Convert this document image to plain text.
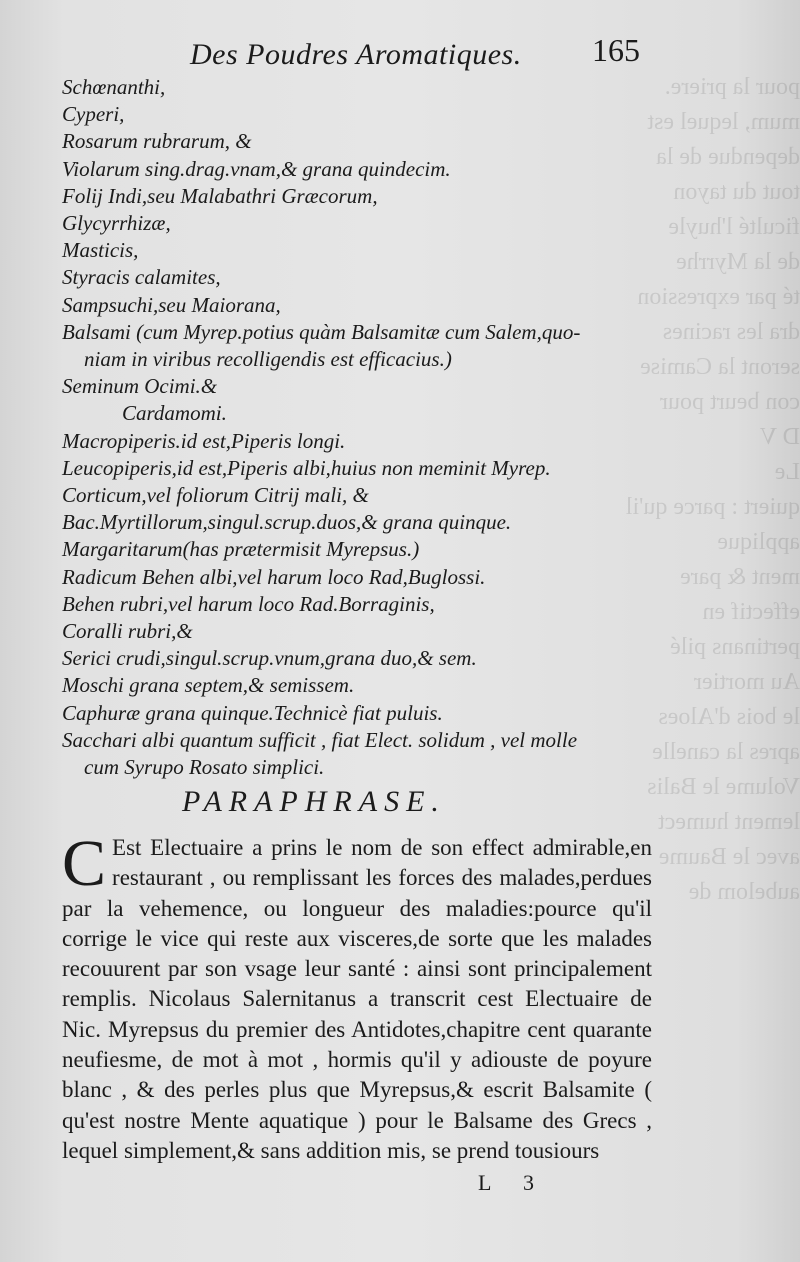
pour la priere.
mum, lequel est
dependue de la
tout du tayon
ficulté l'huyle
de la Myrrhe
té par expression
dra les racines
seront la Camise
con beurt pour
D V
Le
quiert : parce qu'il
applique
ment & pare
effectif en
pertinans pilé
Au mortier
le bois d'Aloes
apres la canelle
Volume le Balis
lement humect
avec le Baume
aubelom de
Des Poudres Aromatiques. 165
Schœnanthi,
Cyperi,
Rosarum rubrarum, &
Violarum sing.drag.vnam,& grana quindecim.
Folij Indi,seu Malabathri Græcorum,
Glycyrrhizæ,
Masticis,
Styracis calamites,
Sampsuchi,seu Maiorana,
Balsami (cum Myrep.potius quàm Balsamitæ cum Salem,quo-
niam in viribus recolligendis est efficacius.)
Seminum Ocimi.&
Cardamomi.
Macropiperis.id est,Piperis longi.
Leucopiperis,id est,Piperis albi,huius non meminit Myrep.
Corticum,vel foliorum Citrij mali, &
Bac.Myrtillorum,singul.scrup.duos,& grana quinque.
Margaritarum(has prætermisit Myrepsus.)
Radicum Behen albi,vel harum loco Rad,Buglossi.
Behen rubri,vel harum loco Rad.Borraginis,
Coralli rubri,&
Serici crudi,singul.scrup.vnum,grana duo,& sem.
Moschi grana septem,& semissem.
Caphuræ grana quinque.Technicè fiat puluis.
Sacchari albi quantum sufficit , fiat Elect. solidum , vel molle
cum Syrupo Rosato simplici.
PARAPHRASE.
C Est Electuaire a prins le nom de son effect admirable,en restaurant , ou remplissant les forces des malades,perdues par la vehemence, ou longueur des maladies:pource qu'il corrige le vice qui reste aux visceres,de sorte que les malades recouurent par son vsage leur santé : ainsi sont principalement remplis. Nicolaus Salernitanus a transcrit cest Electuaire de Nic. Myrepsus du premier des Antidotes,chapitre cent quarante neufiesme, de mot à mot , hormis qu'il y adiouste de poyure blanc , & des perles plus que Myrepsus,& escrit Balsamite ( qu'est nostre Mente aquatique ) pour le Balsame des Grecs , lequel simplement,& sans addition mis, se prend tousiours
L 3
